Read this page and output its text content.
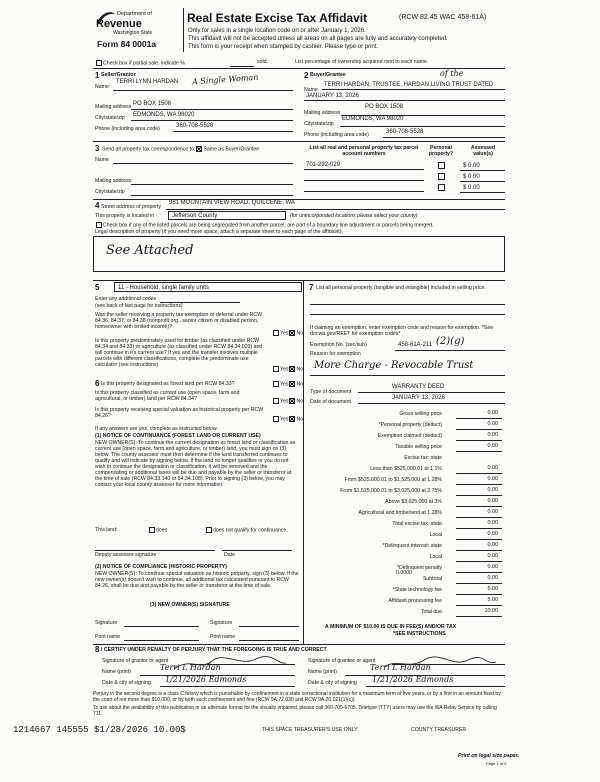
Department of
Revenue
Washington State
Form 84 0001a
Real Estate Excise Tax Affidavit	(RCW 82.45 WAC 458-61A)
Only for sales in a single location code on or after January 1, 2026.
This affidavit will not be accepted unless all areas on all pages are fully and accurately completed.
This form is your receipt when stamped by cashier. Please type or print.
Check box if partial sale, indicate %	sold.	List percentage of ownership acquired next to each name.
1 Seller/Grantor
Name
TERRI LYNN HARDAN A Single Woman
Mailing address PO BOX 1508
City/state/zip EDMONDS, WA 98020
Phone (including area code)	360-708-5528
2 Buyer/Grantee	of the
Name
TERRI HARDAN, TRUSTEE, HARDAN LIVING TRUST DATED
JANUARY 13, 2026
Mailing address
PO BOX 1508
City/state/zip
EDMONDS, WA 98020
Phone (including area code)	360-708-5528
3 Send all property tax correspondence to: Same as Buyer/Grantee
Name
Mailing address
City/state/zip
List all real and personal property tax parcel account numbers
Personal property?
Assessed value(s)
701-292-029	$ 0.00
$ 0.00
$ 0.00
4 Street address of property
981 MOUNTAIN VIEW ROAD, QUILCENE, WA
This property is located in	Jefferson County	(for unincorporated locations please select your county)
Check box if any of the listed parcels are being segregated from another parcel, are part of a boundary line adjustment or parcels being merged.
Legal description of property (if you need more space, attach a separate sheet to each page of the affidavit).
See Attached
5	11 - Household, single family units
Enter any additional codes
(see back of last page for instructions)
Was the seller receiving a property tax exemption or deferral under RCW 84.36, 84.37, or 84.38 (nonprofit org., senior citizen or disabled person, homeowner with limited income)?
Yes No
Is this property predominately used for timber (as classified under RCW 84.34 and 84.33) or agriculture (as classified under RCW 84.34.020) and will continue in it's current use? If yes and the transfer involves multiple parcels with different classifications, complete the predominate use calculator (see instructions)
Yes No
6 Is this property designated as forest land per RCW 84.33?	Yes No
Is this property classified as current use (open space, farm and agricultural, or timber) land per RCW 84.34?	Yes No
Is this property receiving special valuation as historical property per RCW 84.26?
Yes No
If any answers are yes, complete as instructed below.
(1) NOTICE OF CONTINUANCE (FOREST LAND OR CURRENT USE)
NEW OWNER(S): To continue the current designation as forest land or classification as current use (open space, farm and agriculture, or timber) land, you must sign on (3) below. The county assessor must then determine if the land transferred continues to qualify and will indicate by signing below. If the land no longer qualifies or you do not wish to continue the designation or classification, it will be removed and the compensating or additional taxes will be due and payable by the seller or transferor at the time of sale (RCW 84.33.140 or 84.34.108). Prior to signing (3) below, you may contact your local county assessor for more information.
This land:	does	does not qualify for continuance.
Deputy assessor signature	Date
(2) NOTICE OF COMPLIANCE (HISTORIC PROPERTY)
NEW OWNER(S): To continue special valuation as historic property, sign (3) below. If the new owner(s) doesn't wish to continue, all additional tax calculated pursuant to RCW 84.26, shall be due and payable by the seller or transferor at the time of sale.
(3) NEW OWNER(S) SIGNATURE
Signature	Signature
Print name	Print name
7 List all personal property (tangible and intangible) included in selling price.
If claiming an exemption, enter exemption code and reason for exemption. *See dor.wa.gov/REET for exemption codes*
Exemption No. (sec/sub)	458-61A-211 (2)(g)
Reason for exemption
More Charge - Revocable Trust
Type of document
WARRANTY DEED
Date of document
JANUARY 13, 2026
Gross selling price	0.00
*Personal property (deduct)	0.00
Exemption claimed (deduct)	0.00
Taxable selling price	0.00
Excise tax: state
Less than $525,000.01 at 1.1%	0.00
From $525,000.01 to $1,525,000 at 1.28%	0.00
From $1,525,000.01 to $3,025,000 at 2.75%	0.00
Above $3,025,000 at 3%	0.00
Agricultural and timberland at 1.28%	0.00
Total excise tax: state	0.00
Local	0.00
*Delinquent interest: state	0.00
Local	0.00
*Delinquent penalty	0.00
Subtotal	0.00
*State technology fee	5.00
Affidavit processing fee	5.00
Total due	10.00
0.0000
A MINIMUM OF $10.00 IS DUE IN FEE(S) AND/OR TAX
*SEE INSTRUCTIONS
8 I CERTIFY UNDER PENALTY OF PERJURY THAT THE FOREGOING IS TRUE AND CORRECT
Signature of grantor or agent
Name (print)	Terri L Hardan
Date & city of signing 1/21/2026 Edmonds
Signature of grantee or agent
Name (print)	Terri L Hardan
Date & city of signing 1/21/2026 Edmonds
Perjury in the second degree is a class C felony which is punishable by confinement in a state correctional institution for a maximum term of five years, or by a fine in an amount fixed by the court of not more than $10,000, or by both such confinement and fine (RCW 9A.72.030 and RCW 9A.20.021(1)(c)).
To ask about the availability of this publication in an alternate format for the visually impaired, please call 360-705-6705. Teletype (TTY) users may use the WA Relay Service by calling 711.
1214667 145555 $1/28/2026 10.00$	THIS SPACE TREASURER'S USE ONLY	COUNTY TREASURER
Print on legal size paper.
Page 1 of 6
